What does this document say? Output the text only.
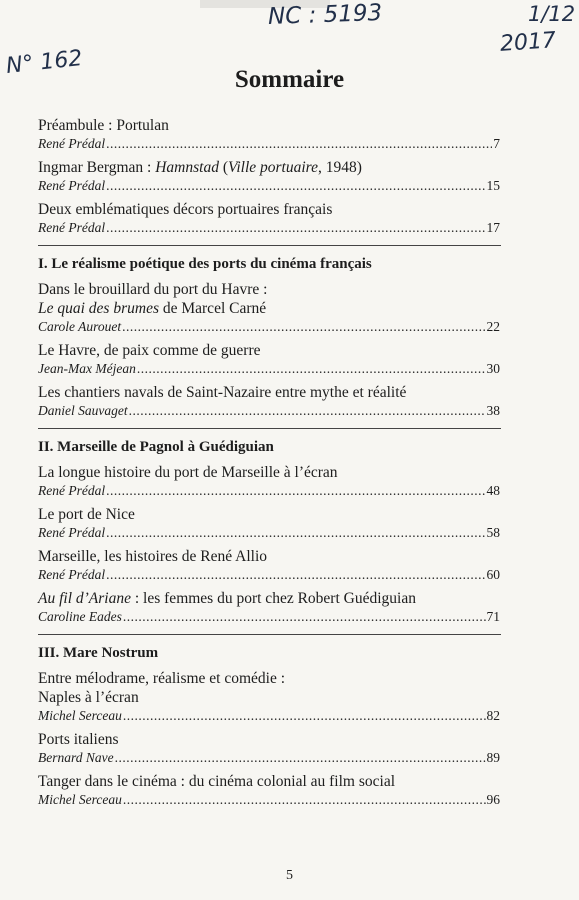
NC : 5193
N° 162
1/12
2017
Sommaire
Préambule : Portulan
René Prédal .....	7
Ingmar Bergman : Hamnstad (Ville portuaire, 1948)
René Prédal .....	15
Deux emblématiques décors portuaires français
René Prédal .....	17
I. Le réalisme poétique des ports du cinéma français
Dans le brouillard du port du Havre :
Le quai des brumes de Marcel Carné
Carole Aurouet .....	22
Le Havre, de paix comme de guerre
Jean-Max Méjean .....	30
Les chantiers navals de Saint-Nazaire entre mythe et réalité
Daniel Sauvaget .....	38
II. Marseille de Pagnol à Guédiguian
La longue histoire du port de Marseille à l’écran
René Prédal .....	48
Le port de Nice
René Prédal .....	58
Marseille, les histoires de René Allio
René Prédal .....	60
Au fil d’Ariane : les femmes du port chez Robert Guédiguian
Caroline Eades .....	71
III. Mare Nostrum
Entre mélodrame, réalisme et comédie :
Naples à l’écran
Michel Serceau .....	82
Ports italiens
Bernard Nave .....	89
Tanger dans le cinéma : du cinéma colonial au film social
Michel Serceau .....	96
5
